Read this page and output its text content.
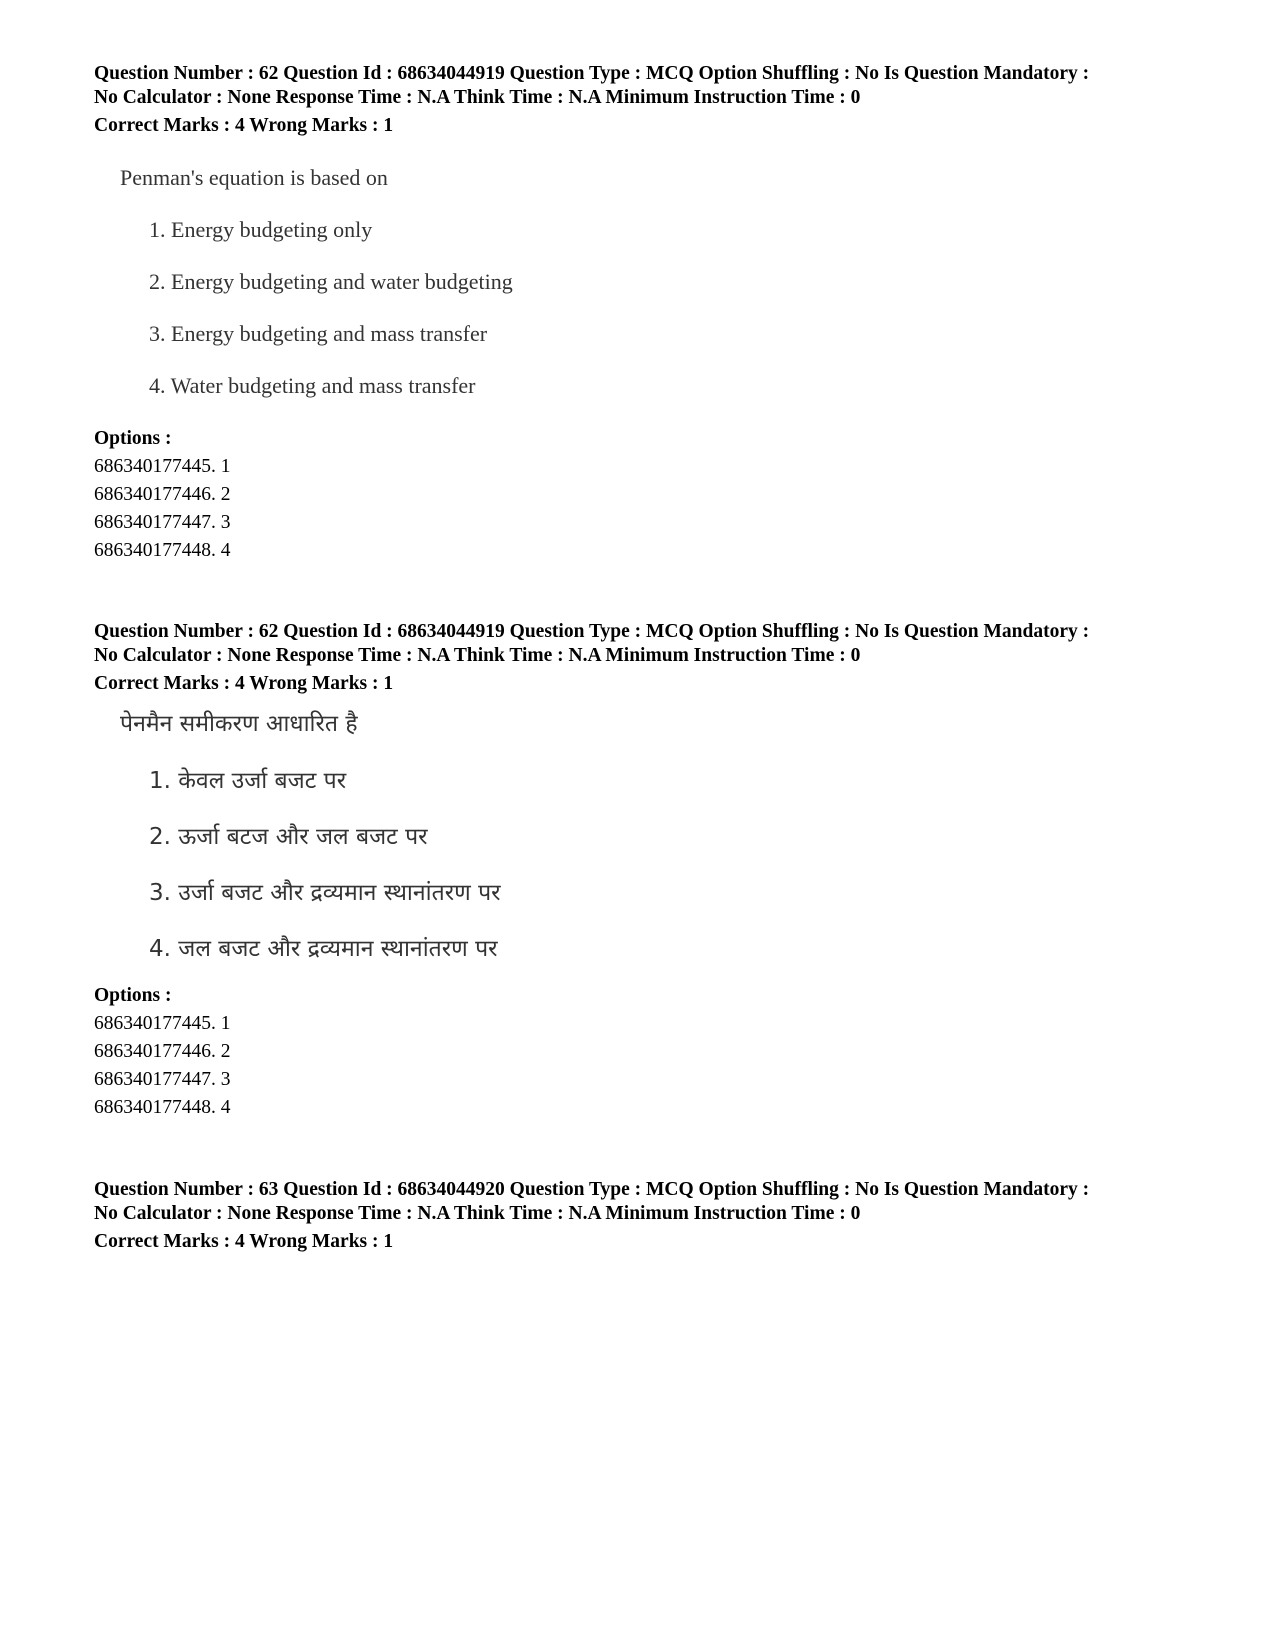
Question Number : 62 Question Id : 68634044919 Question Type : MCQ Option Shuffling : No Is Question Mandatory :
No Calculator : None Response Time : N.A Think Time : N.A Minimum Instruction Time : 0
Correct Marks : 4 Wrong Marks : 1
Penman's equation is based on
1. Energy budgeting only
2. Energy budgeting and water budgeting
3. Energy budgeting and mass transfer
4. Water budgeting and mass transfer
Options :
686340177445. 1
686340177446. 2
686340177447. 3
686340177448. 4
Question Number : 62 Question Id : 68634044919 Question Type : MCQ Option Shuffling : No Is Question Mandatory :
No Calculator : None Response Time : N.A Think Time : N.A Minimum Instruction Time : 0
Correct Marks : 4 Wrong Marks : 1
पेनमैन समीकरण आधारित है
1. केवल उर्जा बजट पर
2. ऊर्जा बटज और जल बजट पर
3. उर्जा बजट और द्रव्यमान स्थानांतरण पर
4. जल बजट और द्रव्यमान स्थानांतरण पर
Options :
686340177445. 1
686340177446. 2
686340177447. 3
686340177448. 4
Question Number : 63 Question Id : 68634044920 Question Type : MCQ Option Shuffling : No Is Question Mandatory :
No Calculator : None Response Time : N.A Think Time : N.A Minimum Instruction Time : 0
Correct Marks : 4 Wrong Marks : 1
